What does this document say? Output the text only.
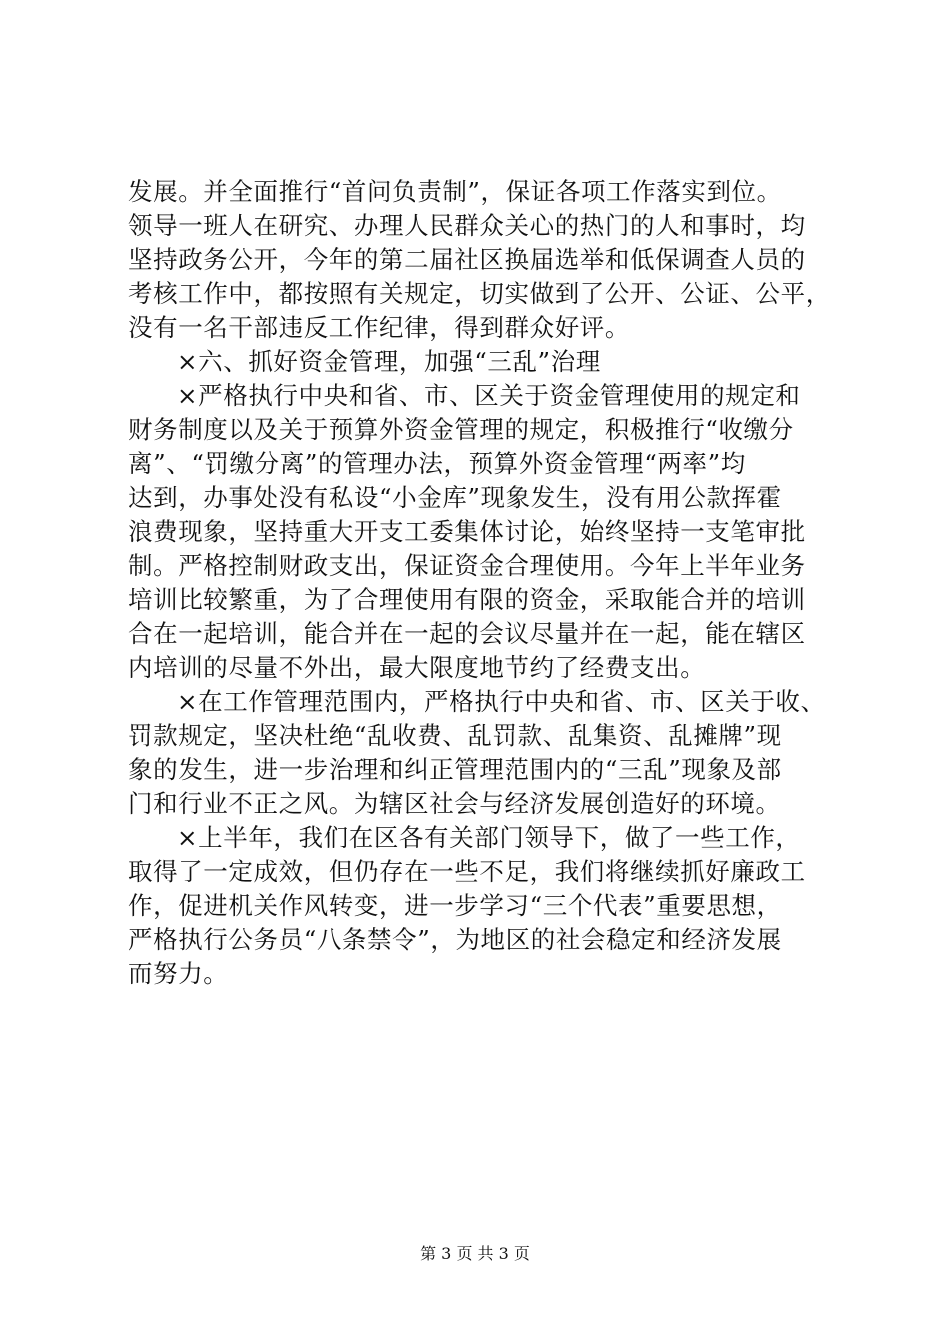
发展。并全面推行“首问负责制”，保证各项工作落实到位。
领导一班人在研究、办理人民群众关心的热门的人和事时，均
坚持政务公开，今年的第二届社区换届选举和低保调查人员的
考核工作中，都按照有关规定，切实做到了公开、公证、公平，
没有一名干部违反工作纪律，得到群众好评。
×六、抓好资金管理，加强“三乱”治理
×严格执行中央和省、市、区关于资金管理使用的规定和
财务制度以及关于预算外资金管理的规定，积极推行“收缴分
离”、“罚缴分离”的管理办法，预算外资金管理“两率”均
达到，办事处没有私设“小金库”现象发生，没有用公款挥霍
浪费现象，坚持重大开支工委集体讨论，始终坚持一支笔审批
制。严格控制财政支出，保证资金合理使用。今年上半年业务
培训比较繁重，为了合理使用有限的资金，采取能合并的培训
合在一起培训，能合并在一起的会议尽量并在一起，能在辖区
内培训的尽量不外出，最大限度地节约了经费支出。
×在工作管理范围内，严格执行中央和省、市、区关于收、
罚款规定，坚决杜绝“乱收费、乱罚款、乱集资、乱摊牌”现
象的发生，进一步治理和纠正管理范围内的“三乱”现象及部
门和行业不正之风。为辖区社会与经济发展创造好的环境。
×上半年，我们在区各有关部门领导下，做了一些工作，
取得了一定成效，但仍存在一些不足，我们将继续抓好廉政工
作，促进机关作风转变，进一步学习“三个代表”重要思想，
严格执行公务员“八条禁令”，为地区的社会稳定和经济发展
而努力。
第 3 页 共 3 页
